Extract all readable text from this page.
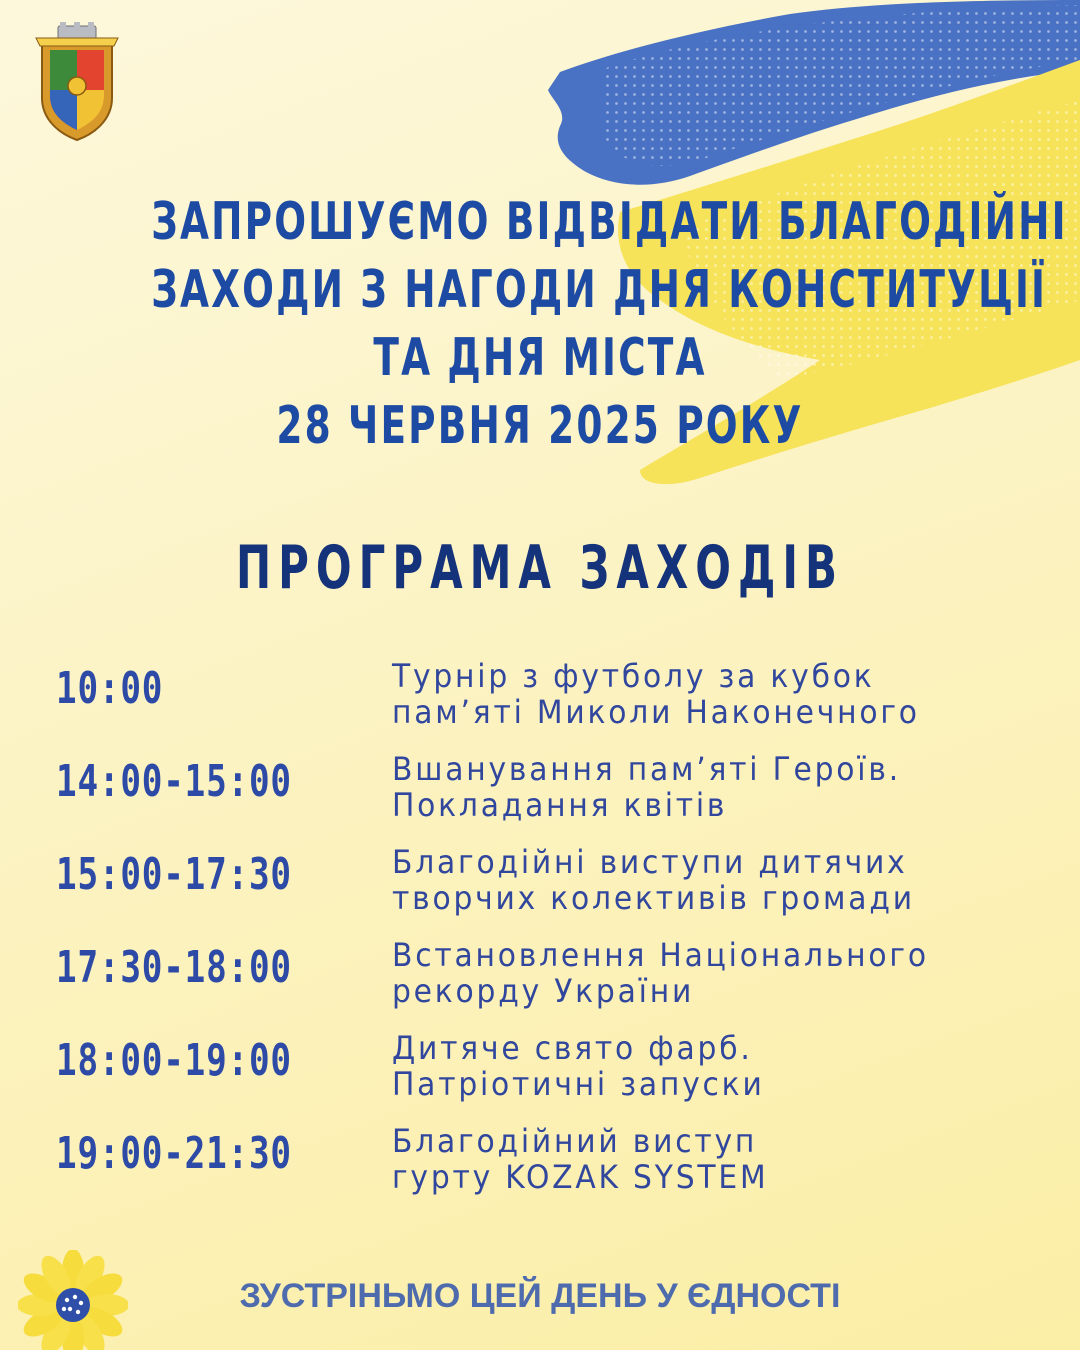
ЗАПРОШУЄМО ВІДВІДАТИ БЛАГОДІЙНІ
ЗАХОДИ З НАГОДИ ДНЯ КОНСТИТУЦІЇ
ТА ДНЯ МІСТА
28 ЧЕРВНЯ 2025 РОКУ
ПРОГРАМА ЗАХОДІВ
10:00	Турнір з футболу за кубок
пам’яті Миколи Наконечного
14:00-15:00	Вшанування пам’яті Героїв.
Покладання квітів
15:00-17:30	Благодійні виступи дитячих
творчих колективів громади
17:30-18:00	Встановлення Національного
рекорду України
18:00-19:00	Дитяче свято фарб.
Патріотичні запуски
19:00-21:30	Благодійний виступ
гурту KOZAK SYSTEM
ЗУСТРІНЬМО ЦЕЙ ДЕНЬ У ЄДНОСТІ
